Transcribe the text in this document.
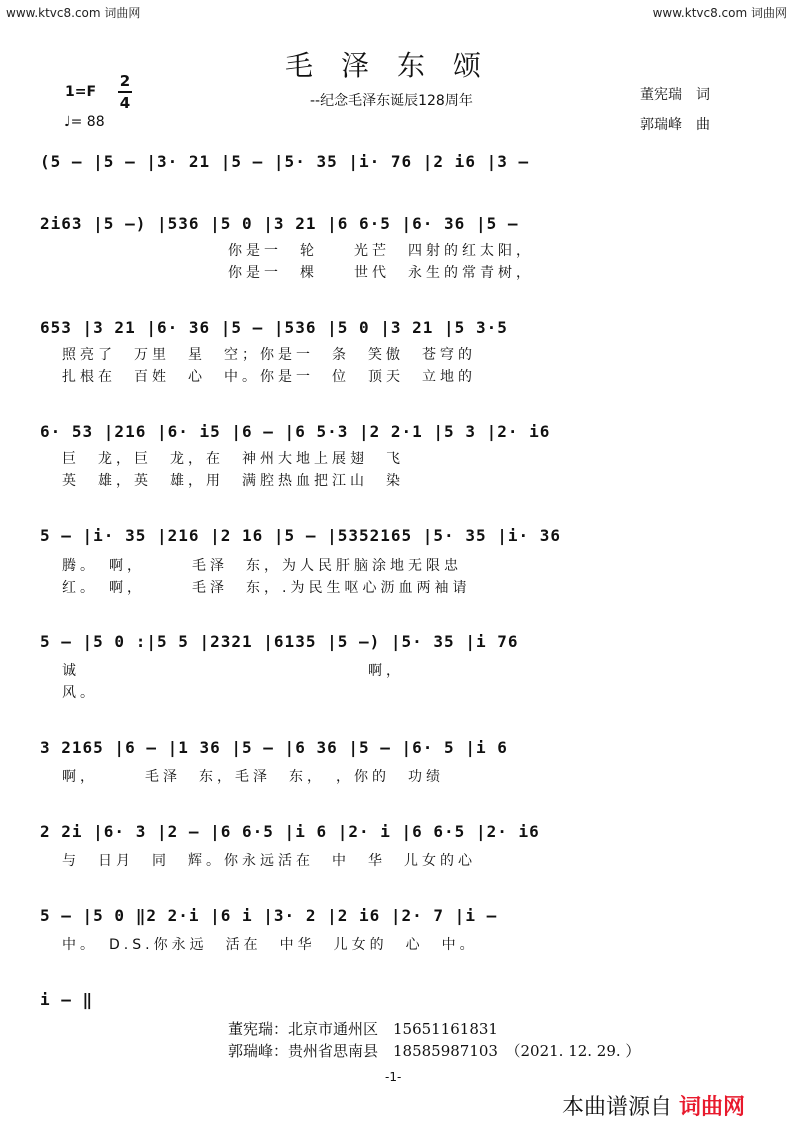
www.ktvc8.com 词曲网	www.ktvc8.com 词曲网
毛泽东颂
--纪念毛泽东诞辰128周年
1=F
2
4
♩= 88
董宪瑞　词
郭瑞峰　曲
(5 – |5 – |3· 21 |5 – |5· 35 |i· 76 |2 i6 |3 –
2i63 |5 –) |536 |5 0 |3 21 |6 6·5 |6· 36 |5 –
你是一　轮　　光芒　四射的红太阳，
你是一　棵　　世代　永生的常青树，
653 |3 21 |6· 36 |5 – |536 |5 0 |3 21 |5 3·5
照亮了　万里　星　空；你是一　条　笑傲　苍穹的
扎根在　百姓　心　中。你是一　位　顶天　立地的
6· 53 |216 |6· i5 |6 – |6 5·3 |2 2·1 |5 3 |2· i6
巨　龙，巨　龙，在　神州大地上展翅　飞
英　雄，英　雄，用　满腔热血把江山　染
5 – |i· 35 |216 |2 16 |5 – |5352165 |5· 35 |i· 36
腾。　啊，　　　毛泽　东，为人民肝脑涂地无限忠
红。　啊，　　　毛泽　东，.为民生呕心沥血两袖请
5 – |5 0 :|5 5 |2321 |6135 |5 –) |5· 35 |i 76
诚　　　　　　　　　　　　　　　　啊，
风。
3 2165 |6 – |1 36 |5 – |6 36 |5 – |6· 5 |i 6
啊，　　　毛泽　东，毛泽　东，　，你的　功绩
2 2i |6· 3 |2 – |6 6·5 |i 6 |2· i |6 6·5 |2· i6
与　日月　同　辉。你永远活在　中　华　儿女的心
5 – |5 0 ‖2 2·i |6 i |3· 2 |2 i6 |2· 7 |i –
中。　D.S.你永远　活在　中华　儿女的　心　中。
i – ‖
董宪瑞：北京市通州区　15651161831
郭瑞峰：贵州省思南县　18585987103　（2021. 12. 29. ）
-1-
本曲谱源自 词曲网
